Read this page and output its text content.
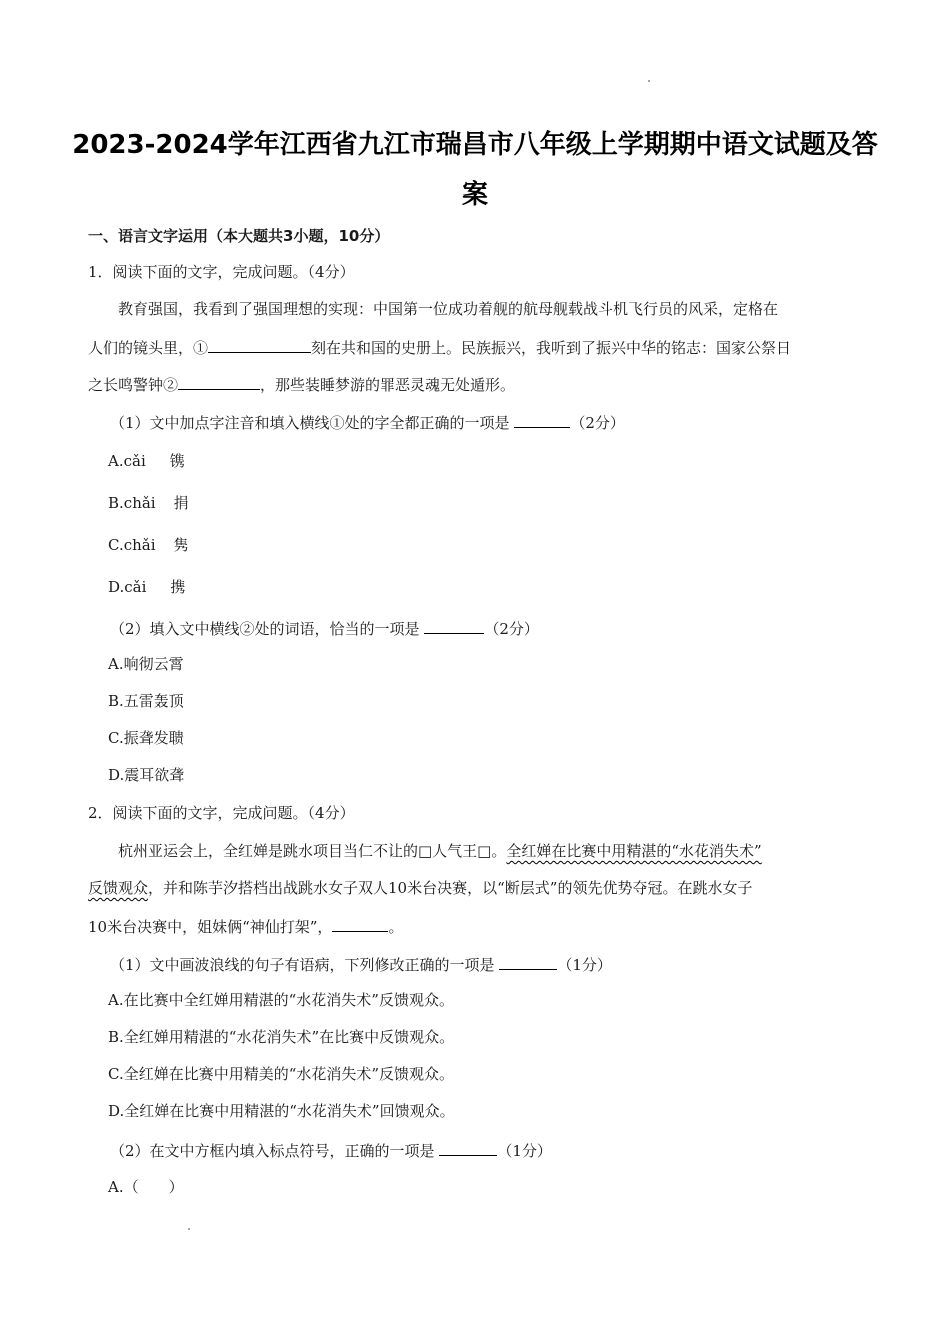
2023-2024学年江西省九江市瑞昌市八年级上学期期中语文试题及答
案
一、语言文字运用（本大题共3小题，10分）
1．阅读下面的文字，完成问题。（4分）
教育强国，我看到了强国理想的实现：中国第一位成功着舰的航母舰载战斗机飞行员的风采，定格在
人们的镜头里，①	刻在共和国的史册上。民族振兴，我听到了振兴中华的铭志：国家公祭日
之长鸣警钟②	，那些装睡梦游的罪恶灵魂无处遁形。
（1）文中加点字注音和填入横线①处的字全都正确的一项是	（2分）
A.cǎi 镌
B.chǎi 捐
C.chǎi 隽
D.cǎi 携
（2）填入文中横线②处的词语，恰当的一项是	（2分）
A.响彻云霄
B.五雷轰顶
C.振聋发聩
D.震耳欲聋
2．阅读下面的文字，完成问题。（4分）
杭州亚运会上，全红婵是跳水项目当仁不让的□人气王□。全红婵在比赛中用精湛的“水花消失术”
反馈观众，并和陈芋汐搭档出战跳水女子双人10米台决赛，以“断层式”的领先优势夺冠。在跳水女子
10米台决赛中，姐妹俩“神仙打架”，	。
（1）文中画波浪线的句子有语病，下列修改正确的一项是	（1分）
A.在比赛中全红婵用精湛的“水花消失术”反馈观众。
B.全红婵用精湛的“水花消失术”在比赛中反馈观众。
C.全红婵在比赛中用精美的“水花消失术”反馈观众。
D.全红婵在比赛中用精湛的“水花消失术”回馈观众。
（2）在文中方框内填入标点符号，正确的一项是	（1分）
A.（　　）
